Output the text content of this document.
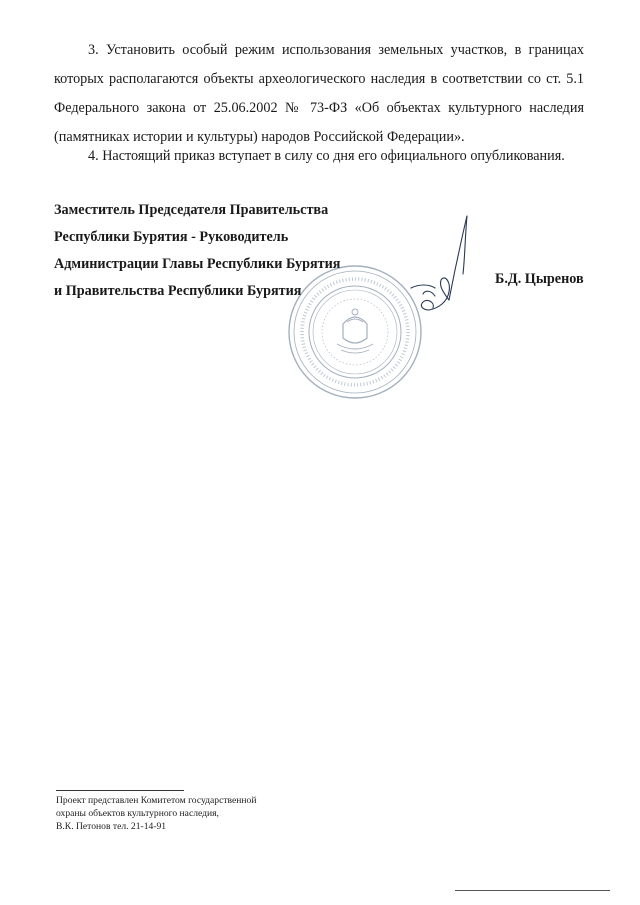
3. Установить особый режим использования земельных участков, в границах которых располагаются объекты археологического наследия в соответствии со ст. 5.1 Федерального закона от 25.06.2002 № 73-ФЗ «Об объектах культурного наследия (памятниках истории и культуры) народов Российской Федерации».

4. Настоящий приказ вступает в силу со дня его официального опубликования.

Заместитель Председателя Правительства
Республики Бурятия - Руководитель
Администрации Главы Республики Бурятия
и Правительства Республики Бурятия
Б.Д. Цыренов
Проект представлен Комитетом государственной
охраны объектов культурного наследия,
В.К. Петонов тел. 21-14-91
